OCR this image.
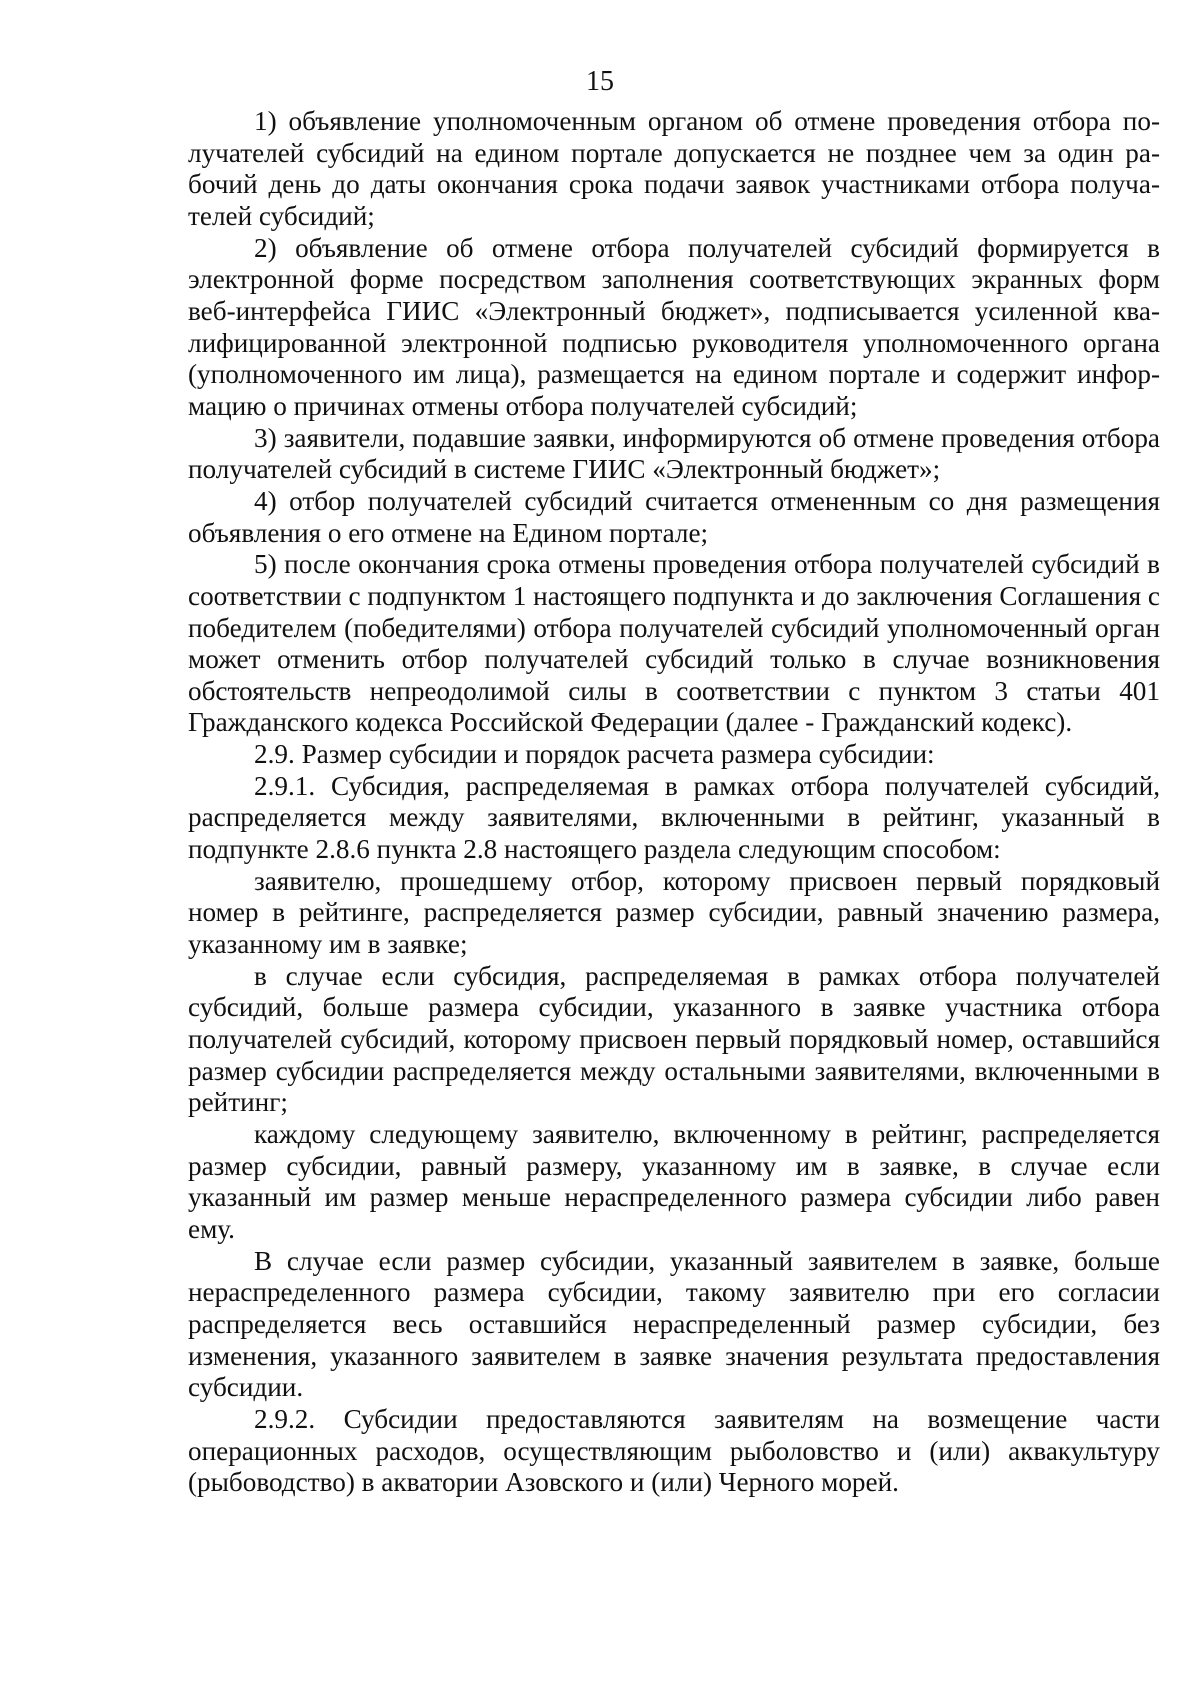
15

1) объявление уполномоченным органом об отмене проведения отбора получателей субсидий на едином портале допускается не позднее чем за один рабочий день до даты окончания срока подачи заявок участниками отбора получателей субсидий;

2) объявление об отмене отбора получателей субсидий формируется в электронной форме посредством заполнения соответствующих экранных форм веб-интерфейса ГИИС «Электронный бюджет», подписывается усиленной квалифицированной электронной подписью руководителя уполномоченного органа (уполномоченного им лица), размещается на едином портале и содержит информацию о причинах отмены отбора получателей субсидий;

3) заявители, подавшие заявки, информируются об отмене проведения отбора получателей субсидий в системе ГИИС «Электронный бюджет»;

4) отбор получателей субсидий считается отмененным со дня размещения объявления о его отмене на Едином портале;

5) после окончания срока отмены проведения отбора получателей субсидий в соответствии с подпунктом 1 настоящего подпункта и до заключения Соглашения с победителем (победителями) отбора получателей субсидий уполномоченный орган может отменить отбор получателей субсидий только в случае возникновения обстоятельств непреодолимой силы в соответствии с пунктом 3 статьи 401 Гражданского кодекса Российской Федерации (далее - Гражданский кодекс).

2.9. Размер субсидии и порядок расчета размера субсидии:

2.9.1. Субсидия, распределяемая в рамках отбора получателей субсидий, распределяется между заявителями, включенными в рейтинг, указанный в подпункте 2.8.6 пункта 2.8 настоящего раздела следующим способом:

заявителю, прошедшему отбор, которому присвоен первый порядковый номер в рейтинге, распределяется размер субсидии, равный значению размера, указанному им в заявке;

в случае если субсидия, распределяемая в рамках отбора получателей субсидий, больше размера субсидии, указанного в заявке участника отбора получателей субсидий, которому присвоен первый порядковый номер, оставшийся размер субсидии распределяется между остальными заявителями, включенными в рейтинг;

каждому следующему заявителю, включенному в рейтинг, распределяется размер субсидии, равный размеру, указанному им в заявке, в случае если указанный им размер меньше нераспределенного размера субсидии либо равен ему.

В случае если размер субсидии, указанный заявителем в заявке, больше нераспределенного размера субсидии, такому заявителю при его согласии распределяется весь оставшийся нераспределенный размер субсидии, без изменения, указанного заявителем в заявке значения результата предоставления субсидии.

2.9.2. Субсидии предоставляются заявителям на возмещение части операционных расходов, осуществляющим рыболовство и (или) аквакультуру (рыбоводство) в акватории Азовского и (или) Черного морей.
